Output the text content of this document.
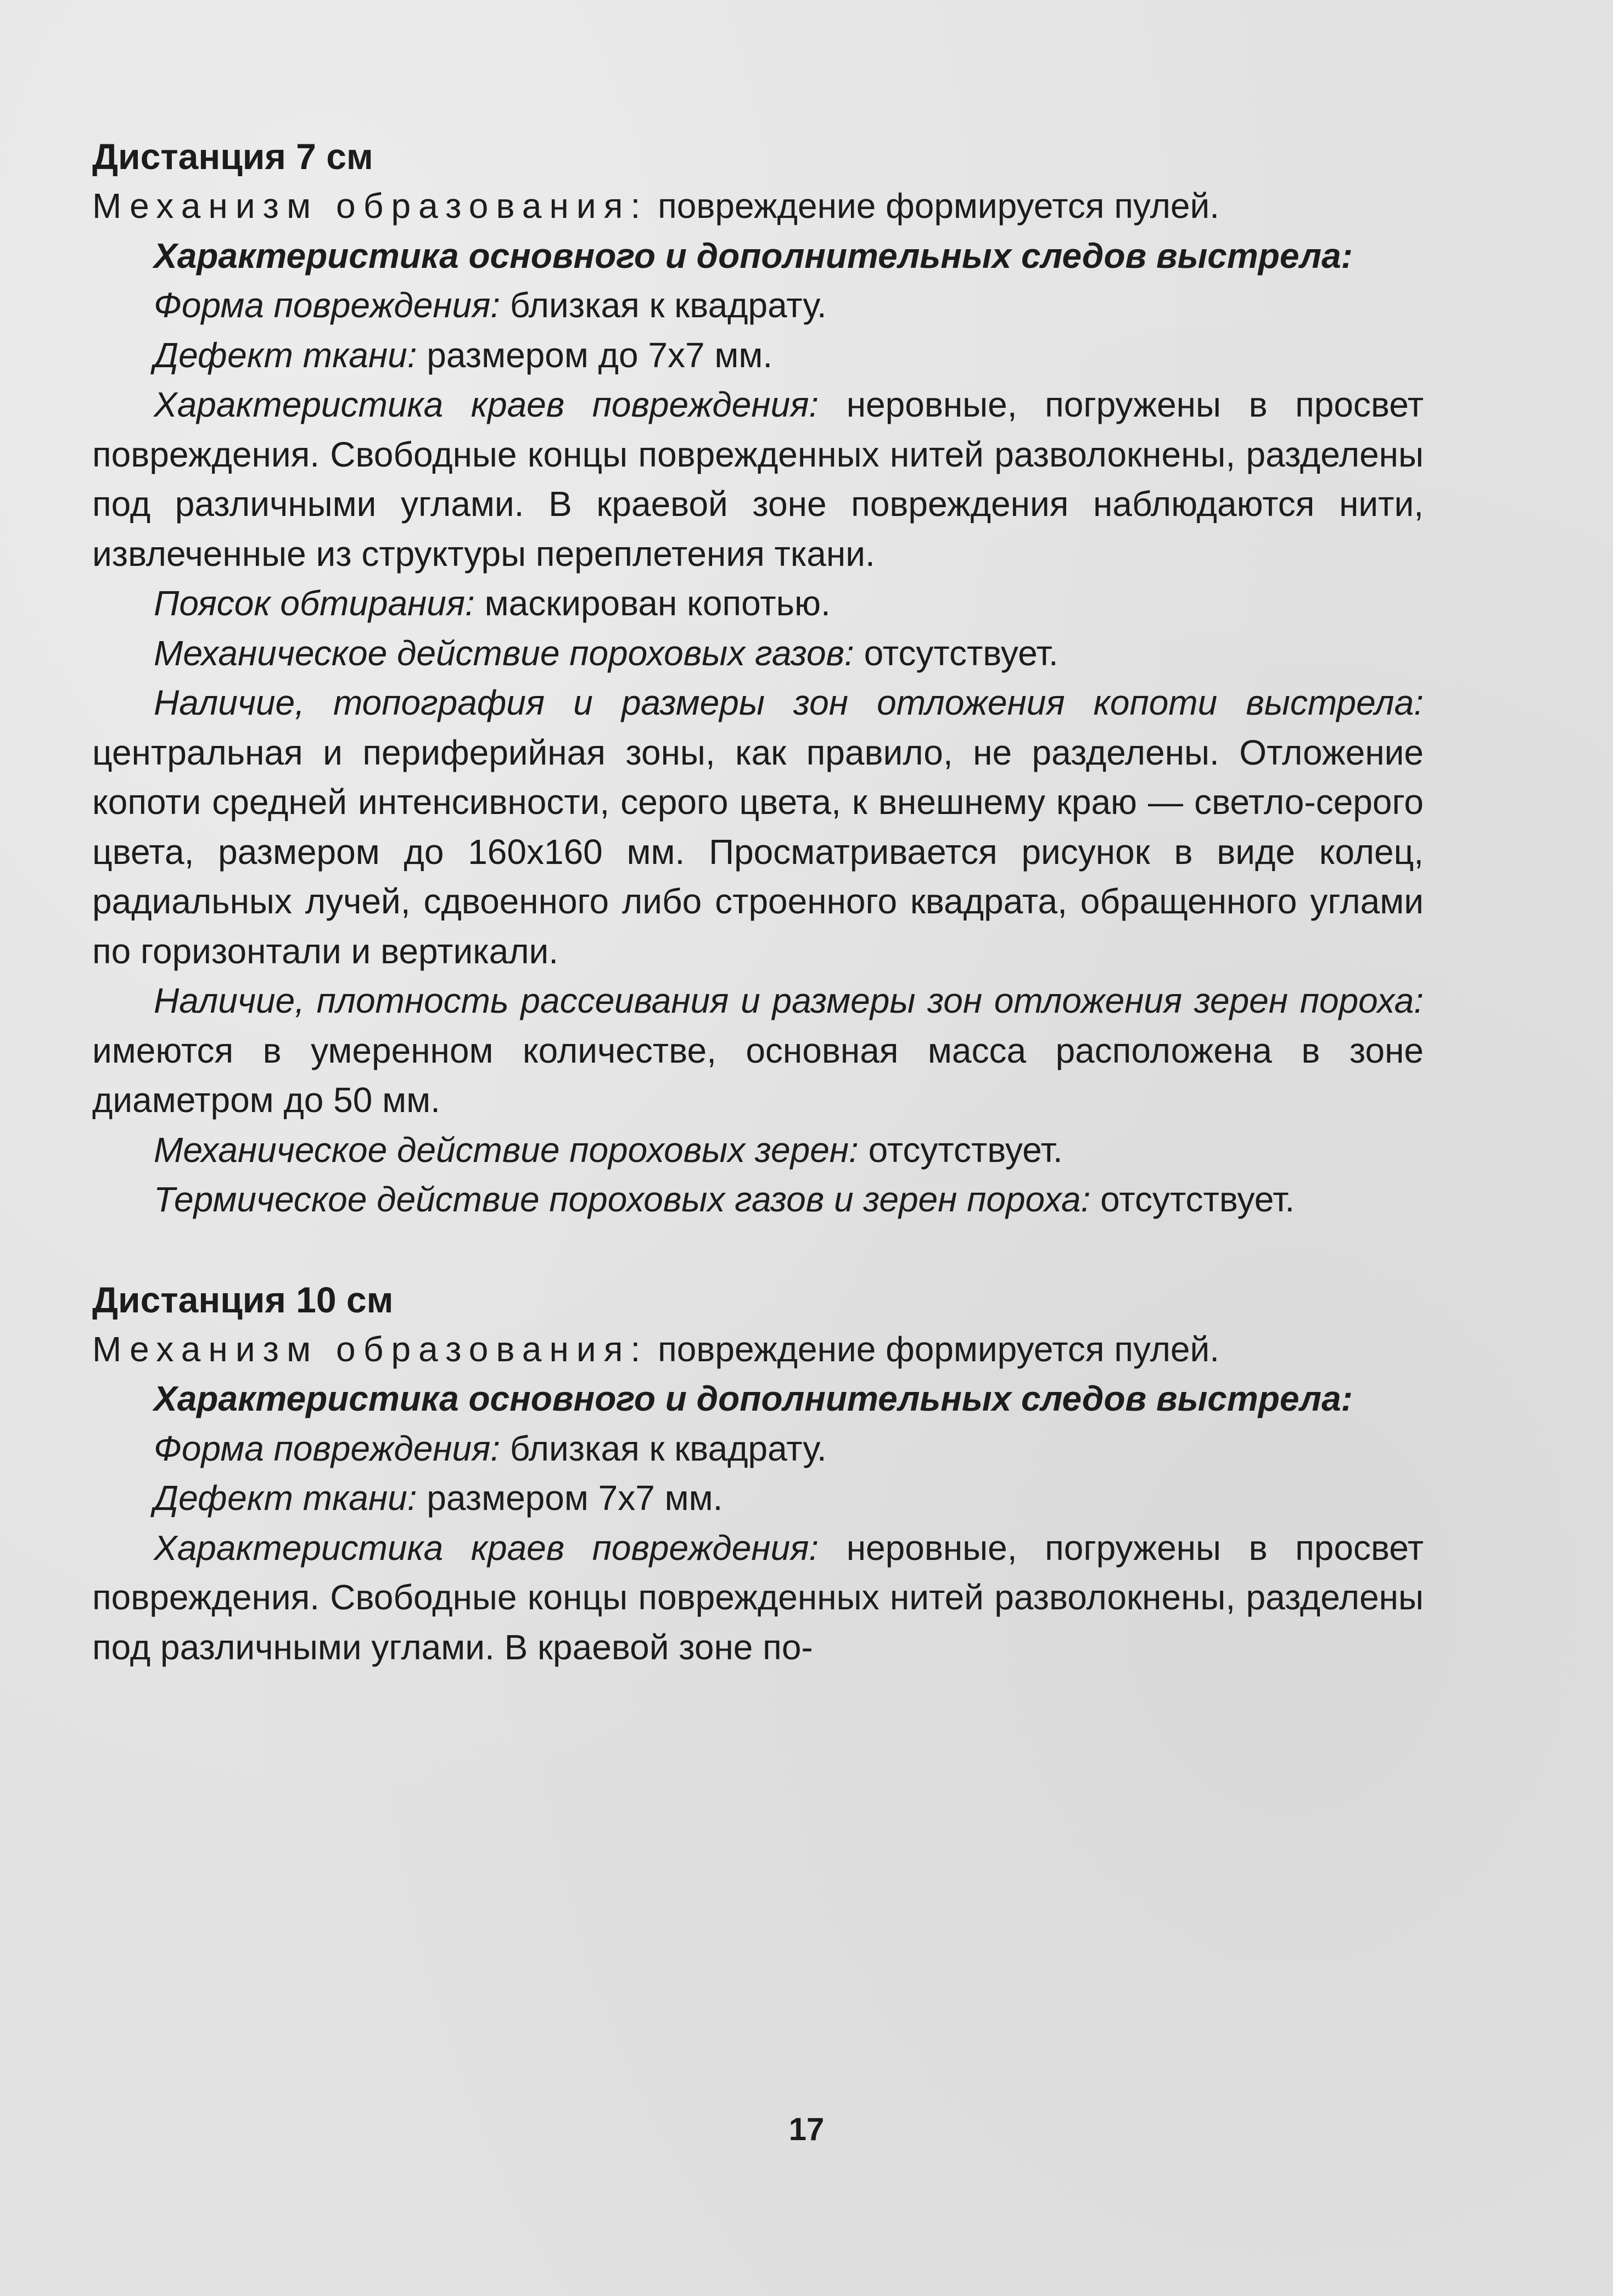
Дистанция 7 см

Механизм образования: повреждение формируется пулей.

Характеристика основного и дополнительных следов выстрела:

Форма повреждения: близкая к квадрату.

Дефект ткани: размером до 7х7 мм.

Характеристика краев повреждения: неровные, погружены в просвет повреждения. Свободные концы поврежденных нитей разволокнены, разделены под различными углами. В краевой зоне повреждения наблюдаются нити, извлеченные из структуры переплетения ткани.

Поясок обтирания: маскирован копотью.

Механическое действие пороховых газов: отсутствует.

Наличие, топография и размеры зон отложения копоти выстрела: центральная и периферийная зоны, как правило, не разделены. Отложение копоти средней интенсивности, серого цвета, к внешнему краю — светло-серого цвета, размером до 160х160 мм. Просматривается рисунок в виде колец, радиальных лучей, сдвоенного либо строенного квадрата, обращенного углами по горизонтали и вертикали.

Наличие, плотность рассеивания и размеры зон отложения зерен пороха: имеются в умеренном количестве, основная масса расположена в зоне диаметром до 50 мм.

Механическое действие пороховых зерен: отсутствует.

Термическое действие пороховых газов и зерен пороха: отсутствует.

Дистанция 10 см

Механизм образования: повреждение формируется пулей.

Характеристика основного и дополнительных следов выстрела:

Форма повреждения: близкая к квадрату.

Дефект ткани: размером 7х7 мм.

Характеристика краев повреждения: неровные, погружены в просвет повреждения. Свободные концы поврежденных нитей разволокнены, разделены под различными углами. В краевой зоне по-

17
